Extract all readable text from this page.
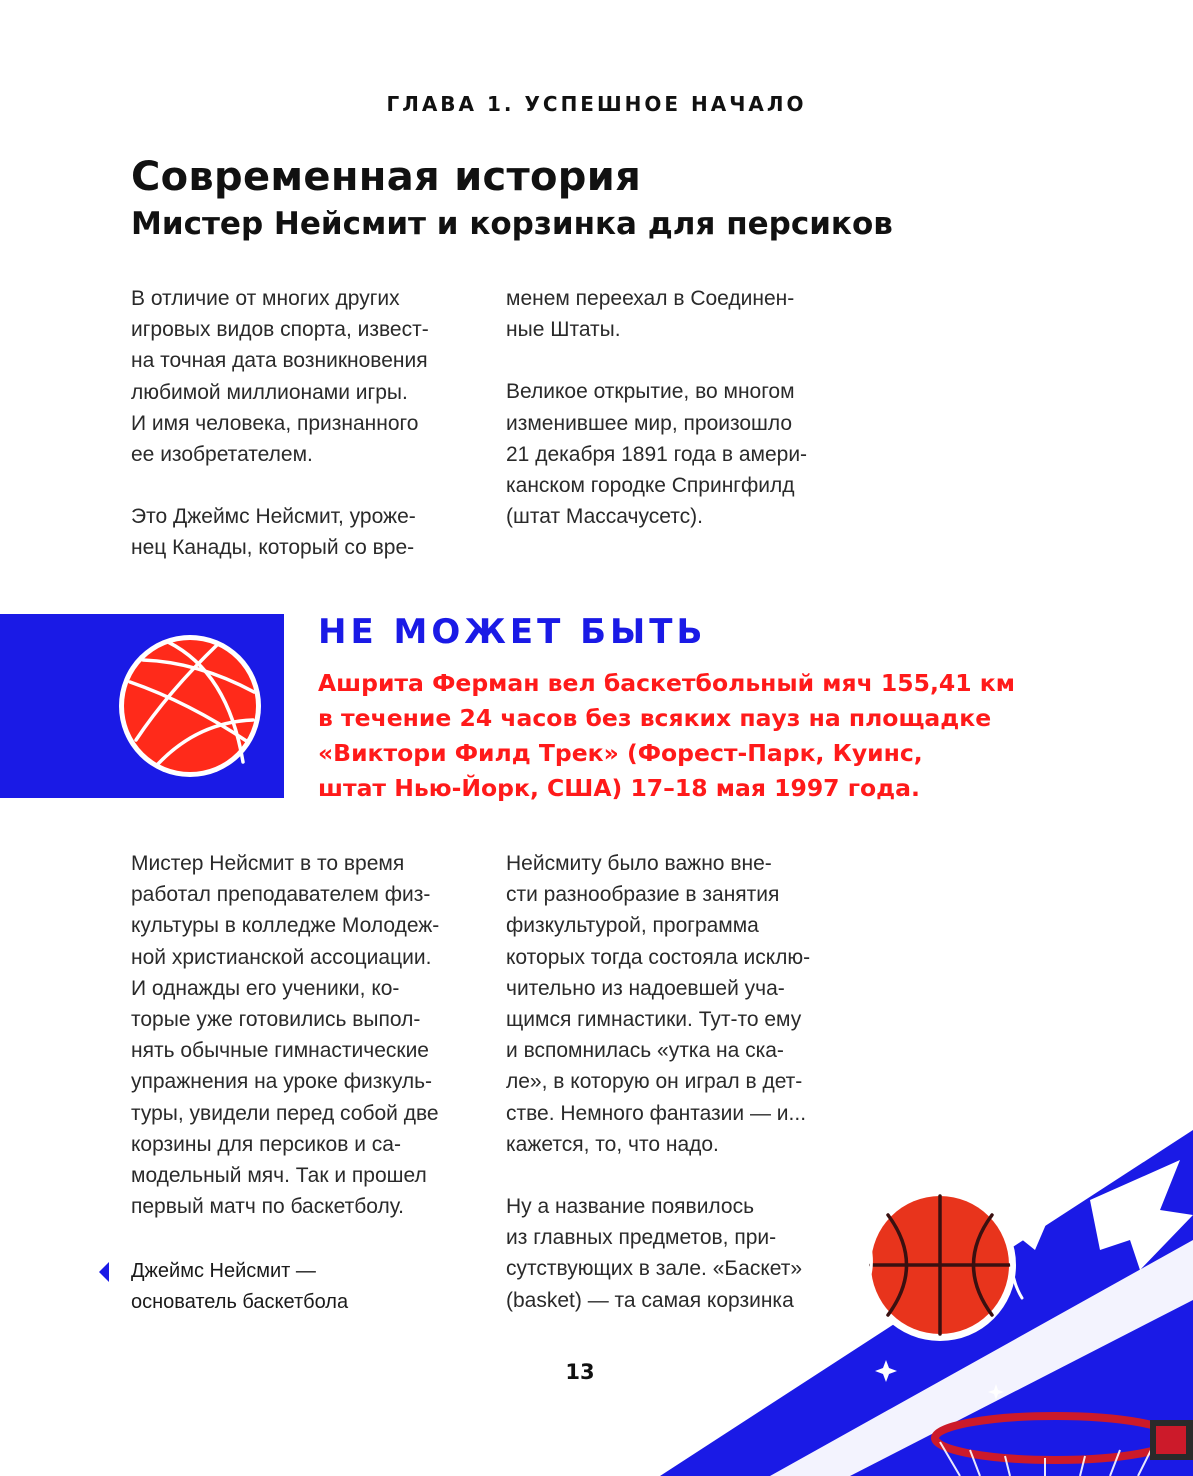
ГЛАВА 1. УСПЕШНОЕ НАЧАЛО
Современная история
Мистер Нейсмит и корзинка для персиков

В отличие от многих других
игровых видов спорта, извест-
на точная дата возникновения
любимой миллионами игры.
И имя человека, признанного
ее изобретателем.

Это Джеймс Нейсмит, уроже-
нец Канады, который со вре-

менем переехал в Соединен-
ные Штаты.

Великое открытие, во многом
изменившее мир, произошло
21 декабря 1891 года в амери-
канском городке Спрингфилд
(штат Массачусетс).

НЕ МОЖЕТ БЫТЬ
Ашрита Ферман вел баскетбольный мяч 155,41 км
в течение 24 часов без всяких пауз на площадке
«Виктори Филд Трек» (Форест-Парк, Куинс,
штат Нью-Йорк, США) 17–18 мая 1997 года.

Мистер Нейсмит в то время
работал преподавателем физ-
культуры в колледже Молодеж-
ной христианской ассоциации.
И однажды его ученики, ко-
торые уже готовились выпол-
нять обычные гимнастические
упражнения на уроке физкуль-
туры, увидели перед собой две
корзины для персиков и са-
модельный мяч. Так и прошел
первый матч по баскетболу.

Нейсмиту было важно вне-
сти разнообразие в занятия
физкультурой, программа
которых тогда состояла исклю-
чительно из надоевшей уча-
щимся гимнастики. Тут-то ему
и вспомнилась «утка на ска-
ле», в которую он играл в дет-
стве. Немного фантазии — и...
кажется, то, что надо.

Ну а название появилось
из главных предметов, при-
сутствующих в зале. «Баскет»
(basket) — та самая корзинка

Джеймс Нейсмит —
основатель баскетбола
13
